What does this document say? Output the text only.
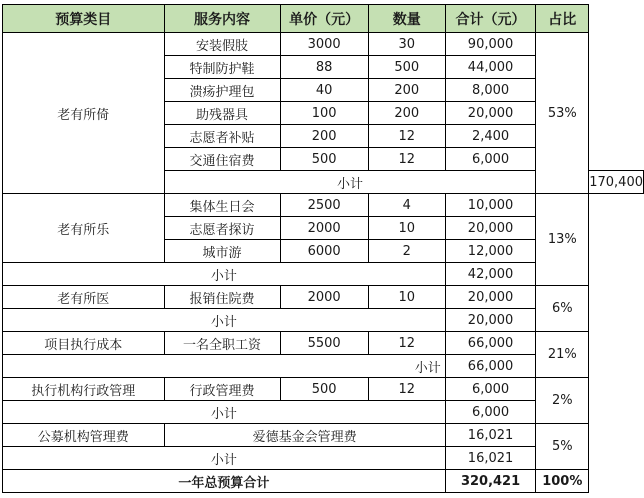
预算类目	服务内容	单价（元）	数量	合计（元）	占比	
老有所倚	安装假肢	3000	30	90,000	53%	
	特制防护鞋	88	500	44,000		
	溃疡护理包	40	200	8,000		
	助残器具	100	200	20,000		
	志愿者补贴	200	12	2,400		
	交通住宿费	500	12	6,000		
	小计					170,400
老有所乐	集体生日会	2500	4	10,000	13%	
	志愿者探访	2000	10	20,000		
	城市游	6000	2	12,000		
小计				42,000		
老有所医	报销住院费	2000	10	20,000	6%	
小计				20,000		
项目执行成本	一名全职工资	5500	12	66,000	21%	
小计				66,000		
执行机构行政管理	行政管理费	500	12	6,000	2%	
小计				6,000		
公募机构管理费	爱德基金会管理费			16,021	5%	
小计				16,021		
一年总预算合计				320,421	100%	
